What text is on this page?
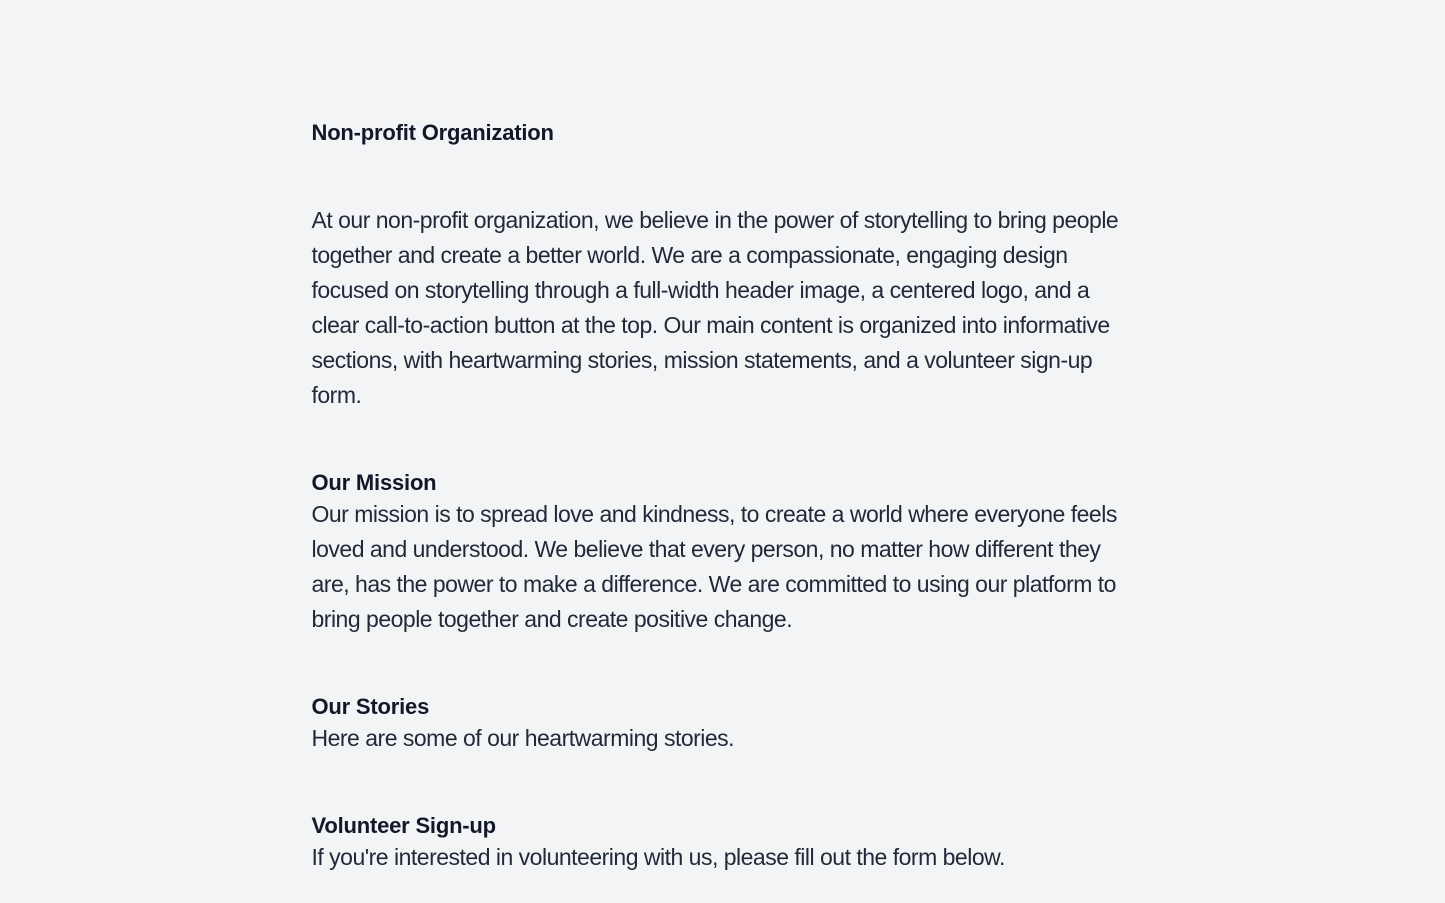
Non-profit Organization

At our non-profit organization, we believe in the power of storytelling to bring people together and create a better world. We are a compassionate, engaging design focused on storytelling through a full-width header image, a centered logo, and a clear call-to-action button at the top. Our main content is organized into informative sections, with heartwarming stories, mission statements, and a volunteer sign-up form.

Our Mission

Our mission is to spread love and kindness, to create a world where everyone feels loved and understood. We believe that every person, no matter how different they are, has the power to make a difference. We are committed to using our platform to bring people together and create positive change.

Our Stories

Here are some of our heartwarming stories.

Volunteer Sign-up

If you're interested in volunteering with us, please fill out the form below.
